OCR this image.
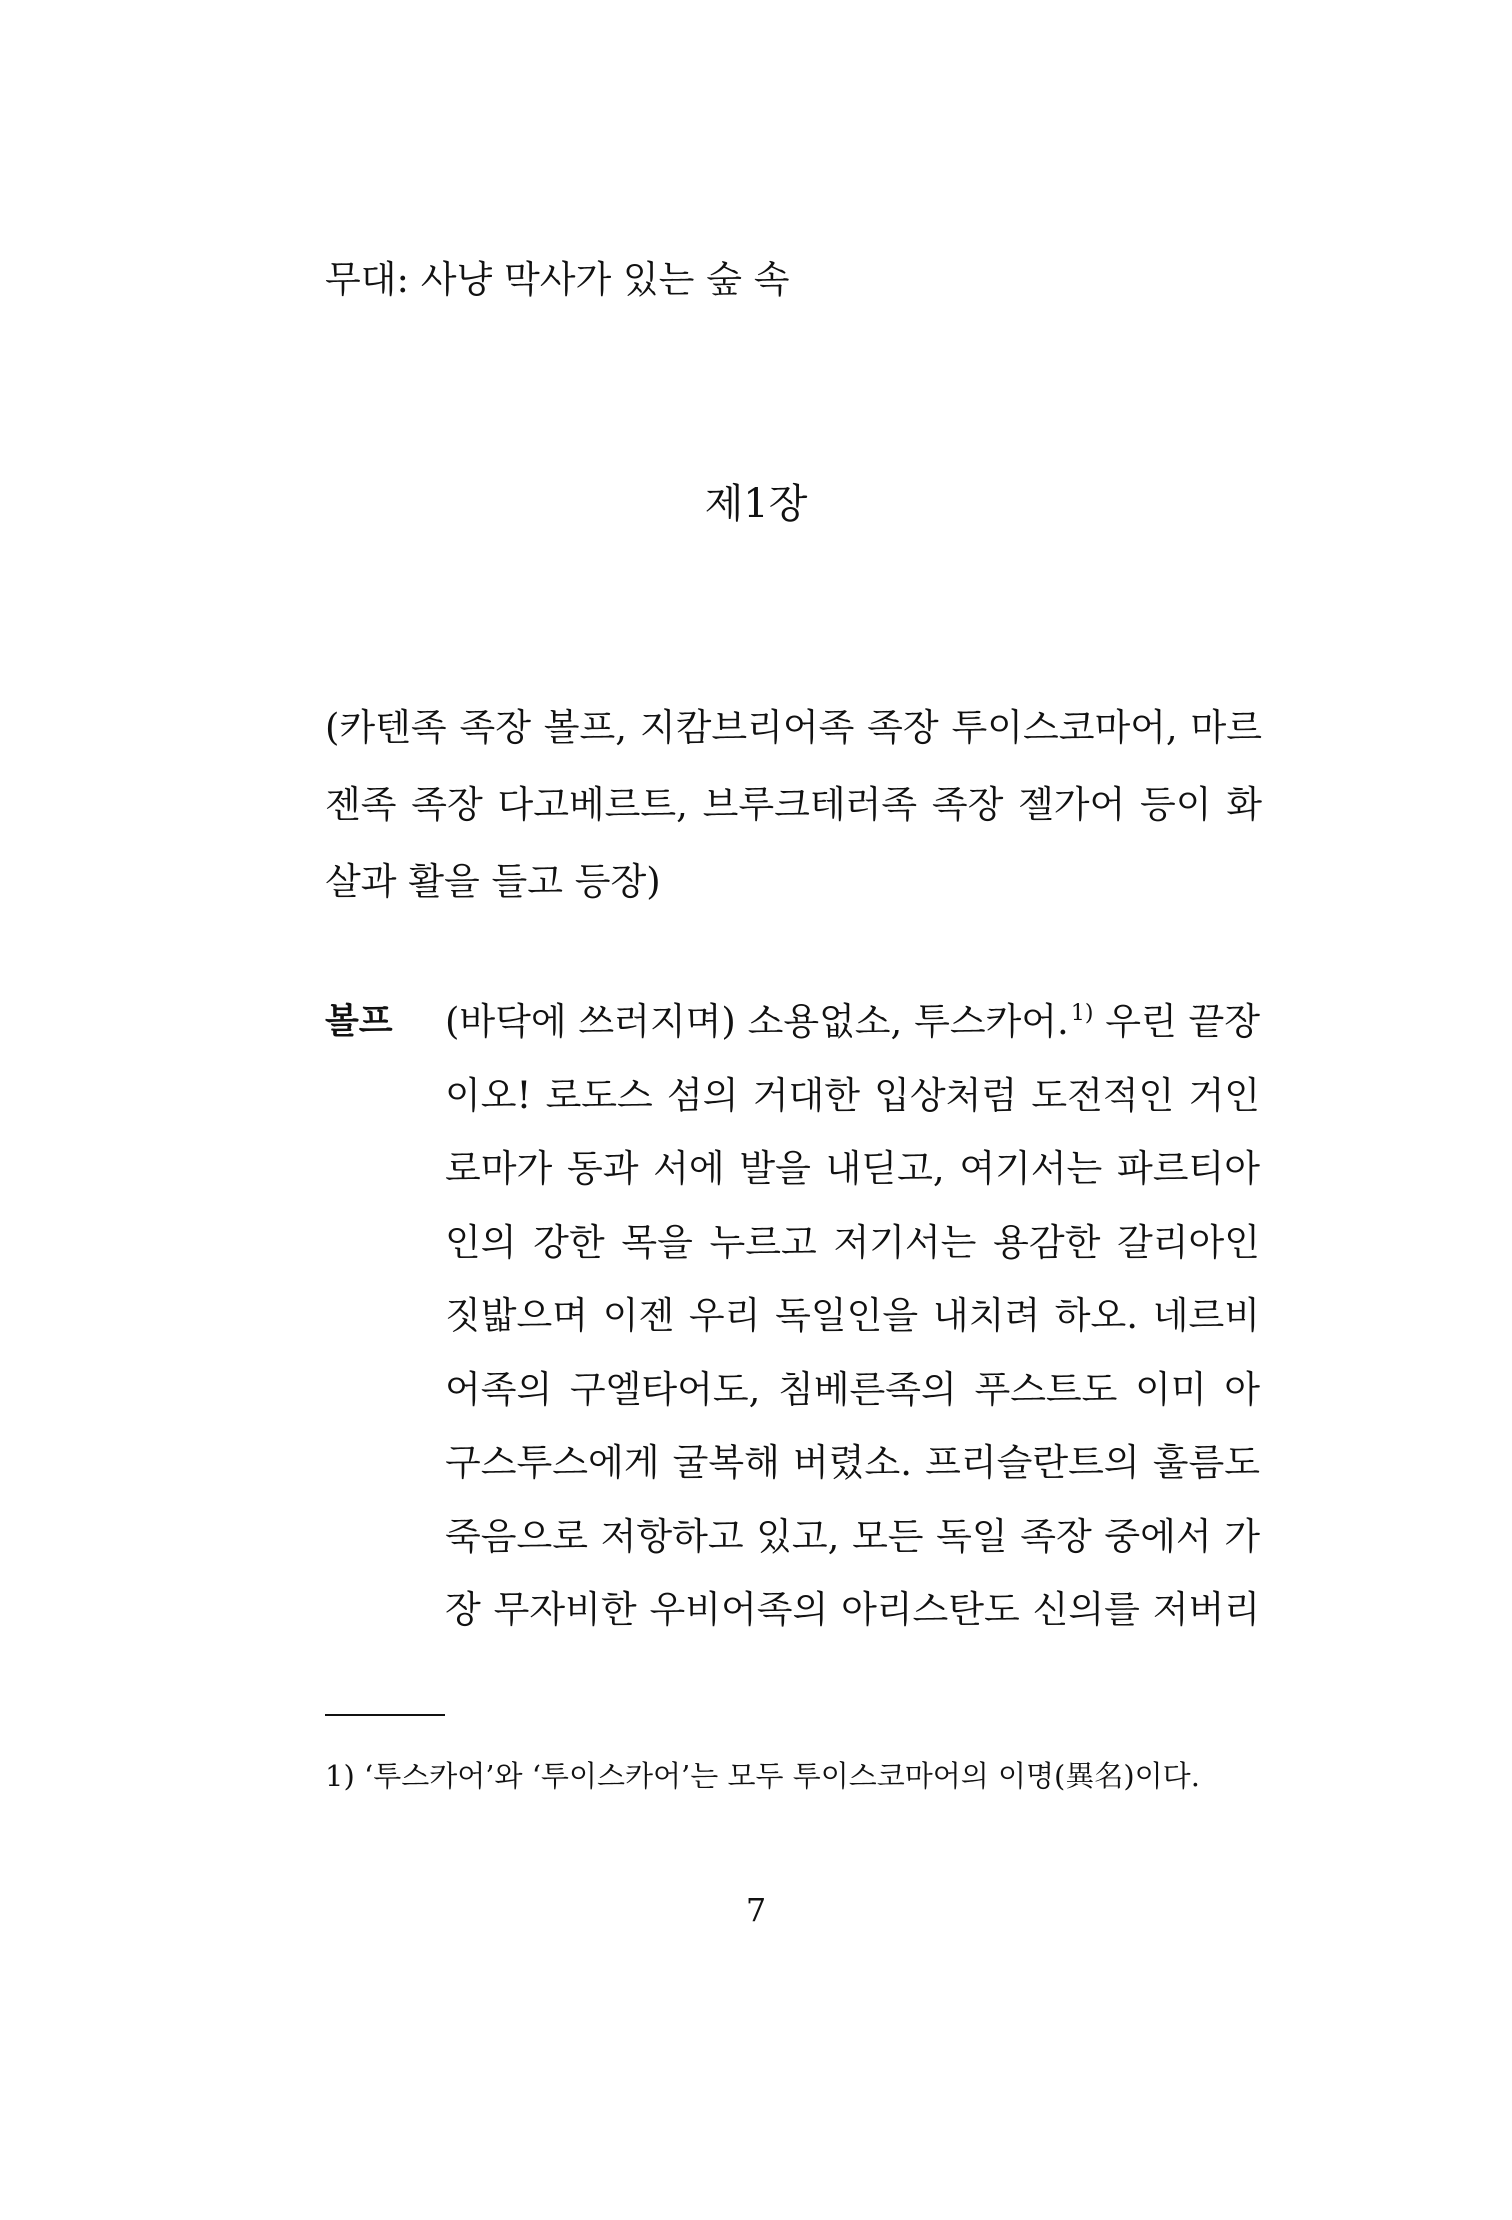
무대: 사냥 막사가 있는 숲 속
제1장
(카텐족 족장 볼프, 지캄브리어족 족장 투이스코마어, 마르
젠족 족장 다고베르트, 브루크테러족 족장 젤가어 등이 화
살과 활을 들고 등장)
볼프 (바닥에 쓰러지며) 소용없소, 투스카어. $^{1)}$ 우린 끝장
이오! 로도스 섬의 거대한 입상처럼 도전적인 거인
로마가 동과 서에 발을 내딛고, 여기서는 파르티아
인의 강한 목을 누르고 저기서는 용감한 갈리아인
짓밟으며 이젠 우리 독일인을 내치려 하오. 네르비
어족의 구엘타어도, 침베른족의 푸스트도 이미 아
구스투스에게 굴복해 버렸소. 프리슬란트의 훌름도
죽음으로 저항하고 있고, 모든 독일 족장 중에서 가
장 무자비한 우비어족의 아리스탄도 신의를 저버리
1) ‘투스카어’와 ‘투이스카어’는 모두 투이스코마어의 이명(異名)이다.
7
